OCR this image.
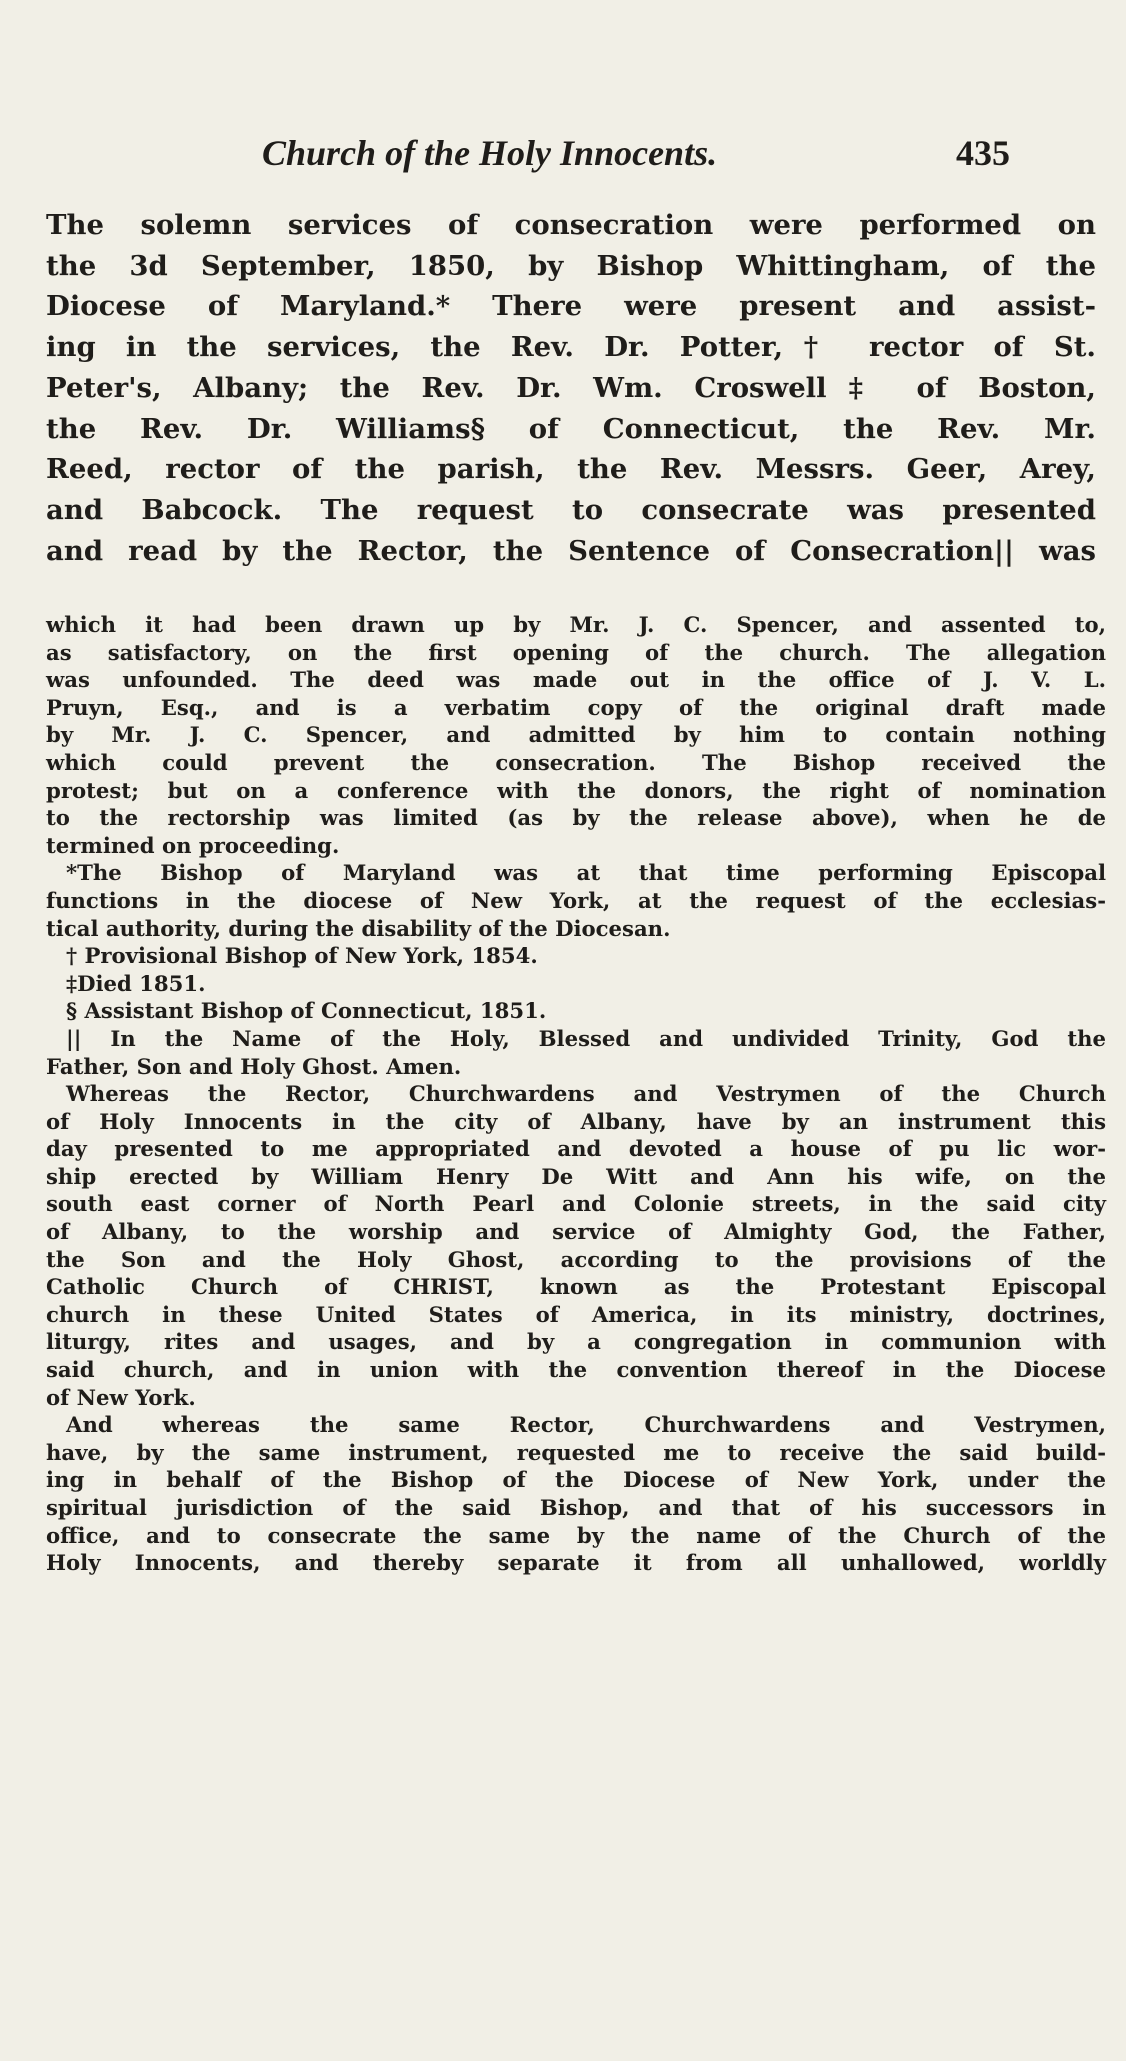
Church of the Holy Innocents.	435
The solemn services of consecration were performed on
the 3d September, 1850, by Bishop Whittingham, of the
Diocese of Maryland.* There were present and assist-
ing in the services, the Rev. Dr. Potter,† rector of St.
Peter's, Albany; the Rev. Dr. Wm. Croswell‡ of Boston,
the Rev. Dr. Williams§ of Connecticut, the Rev. Mr.
Reed, rector of the parish, the Rev. Messrs. Geer, Arey,
and Babcock. The request to consecrate was presented
and read by the Rector, the Sentence of Consecration|| was
which it had been drawn up by Mr. J. C. Spencer, and assented to,
as satisfactory, on the first opening of the church. The allegation
was unfounded. The deed was made out in the office of J. V. L.
Pruyn, Esq., and is a verbatim copy of the original draft made
by Mr. J. C. Spencer, and admitted by him to contain nothing
which could prevent the consecration. The Bishop received the
protest; but on a conference with the donors, the right of nomination
to the rectorship was limited (as by the release above), when he de
termined on proceeding.
*The Bishop of Maryland was at that time performing Episcopal
functions in the diocese of New York, at the request of the ecclesias-
tical authority, during the disability of the Diocesan.
† Provisional Bishop of New York, 1854.
‡Died 1851.
§ Assistant Bishop of Connecticut, 1851.
|| In the Name of the Holy, Blessed and undivided Trinity, God the
Father, Son and Holy Ghost. Amen.
Whereas the Rector, Churchwardens and Vestrymen of the Church
of Holy Innocents in the city of Albany, have by an instrument this
day presented to me appropriated and devoted a house of pu lic wor-
ship erected by William Henry De Witt and Ann his wife, on the
south east corner of North Pearl and Colonie streets, in the said city
of Albany, to the worship and service of Almighty God, the Father,
the Son and the Holy Ghost, according to the provisions of the
Catholic Church of CHRIST, known as the Protestant Episcopal
church in these United States of America, in its ministry, doctrines,
liturgy, rites and usages, and by a congregation in communion with
said church, and in union with the convention thereof in the Diocese
of New York.
And whereas the same Rector, Churchwardens and Vestrymen,
have, by the same instrument, requested me to receive the said build-
ing in behalf of the Bishop of the Diocese of New York, under the
spiritual jurisdiction of the said Bishop, and that of his successors in
office, and to consecrate the same by the name of the Church of the
Holy Innocents, and thereby separate it from all unhallowed, worldly
